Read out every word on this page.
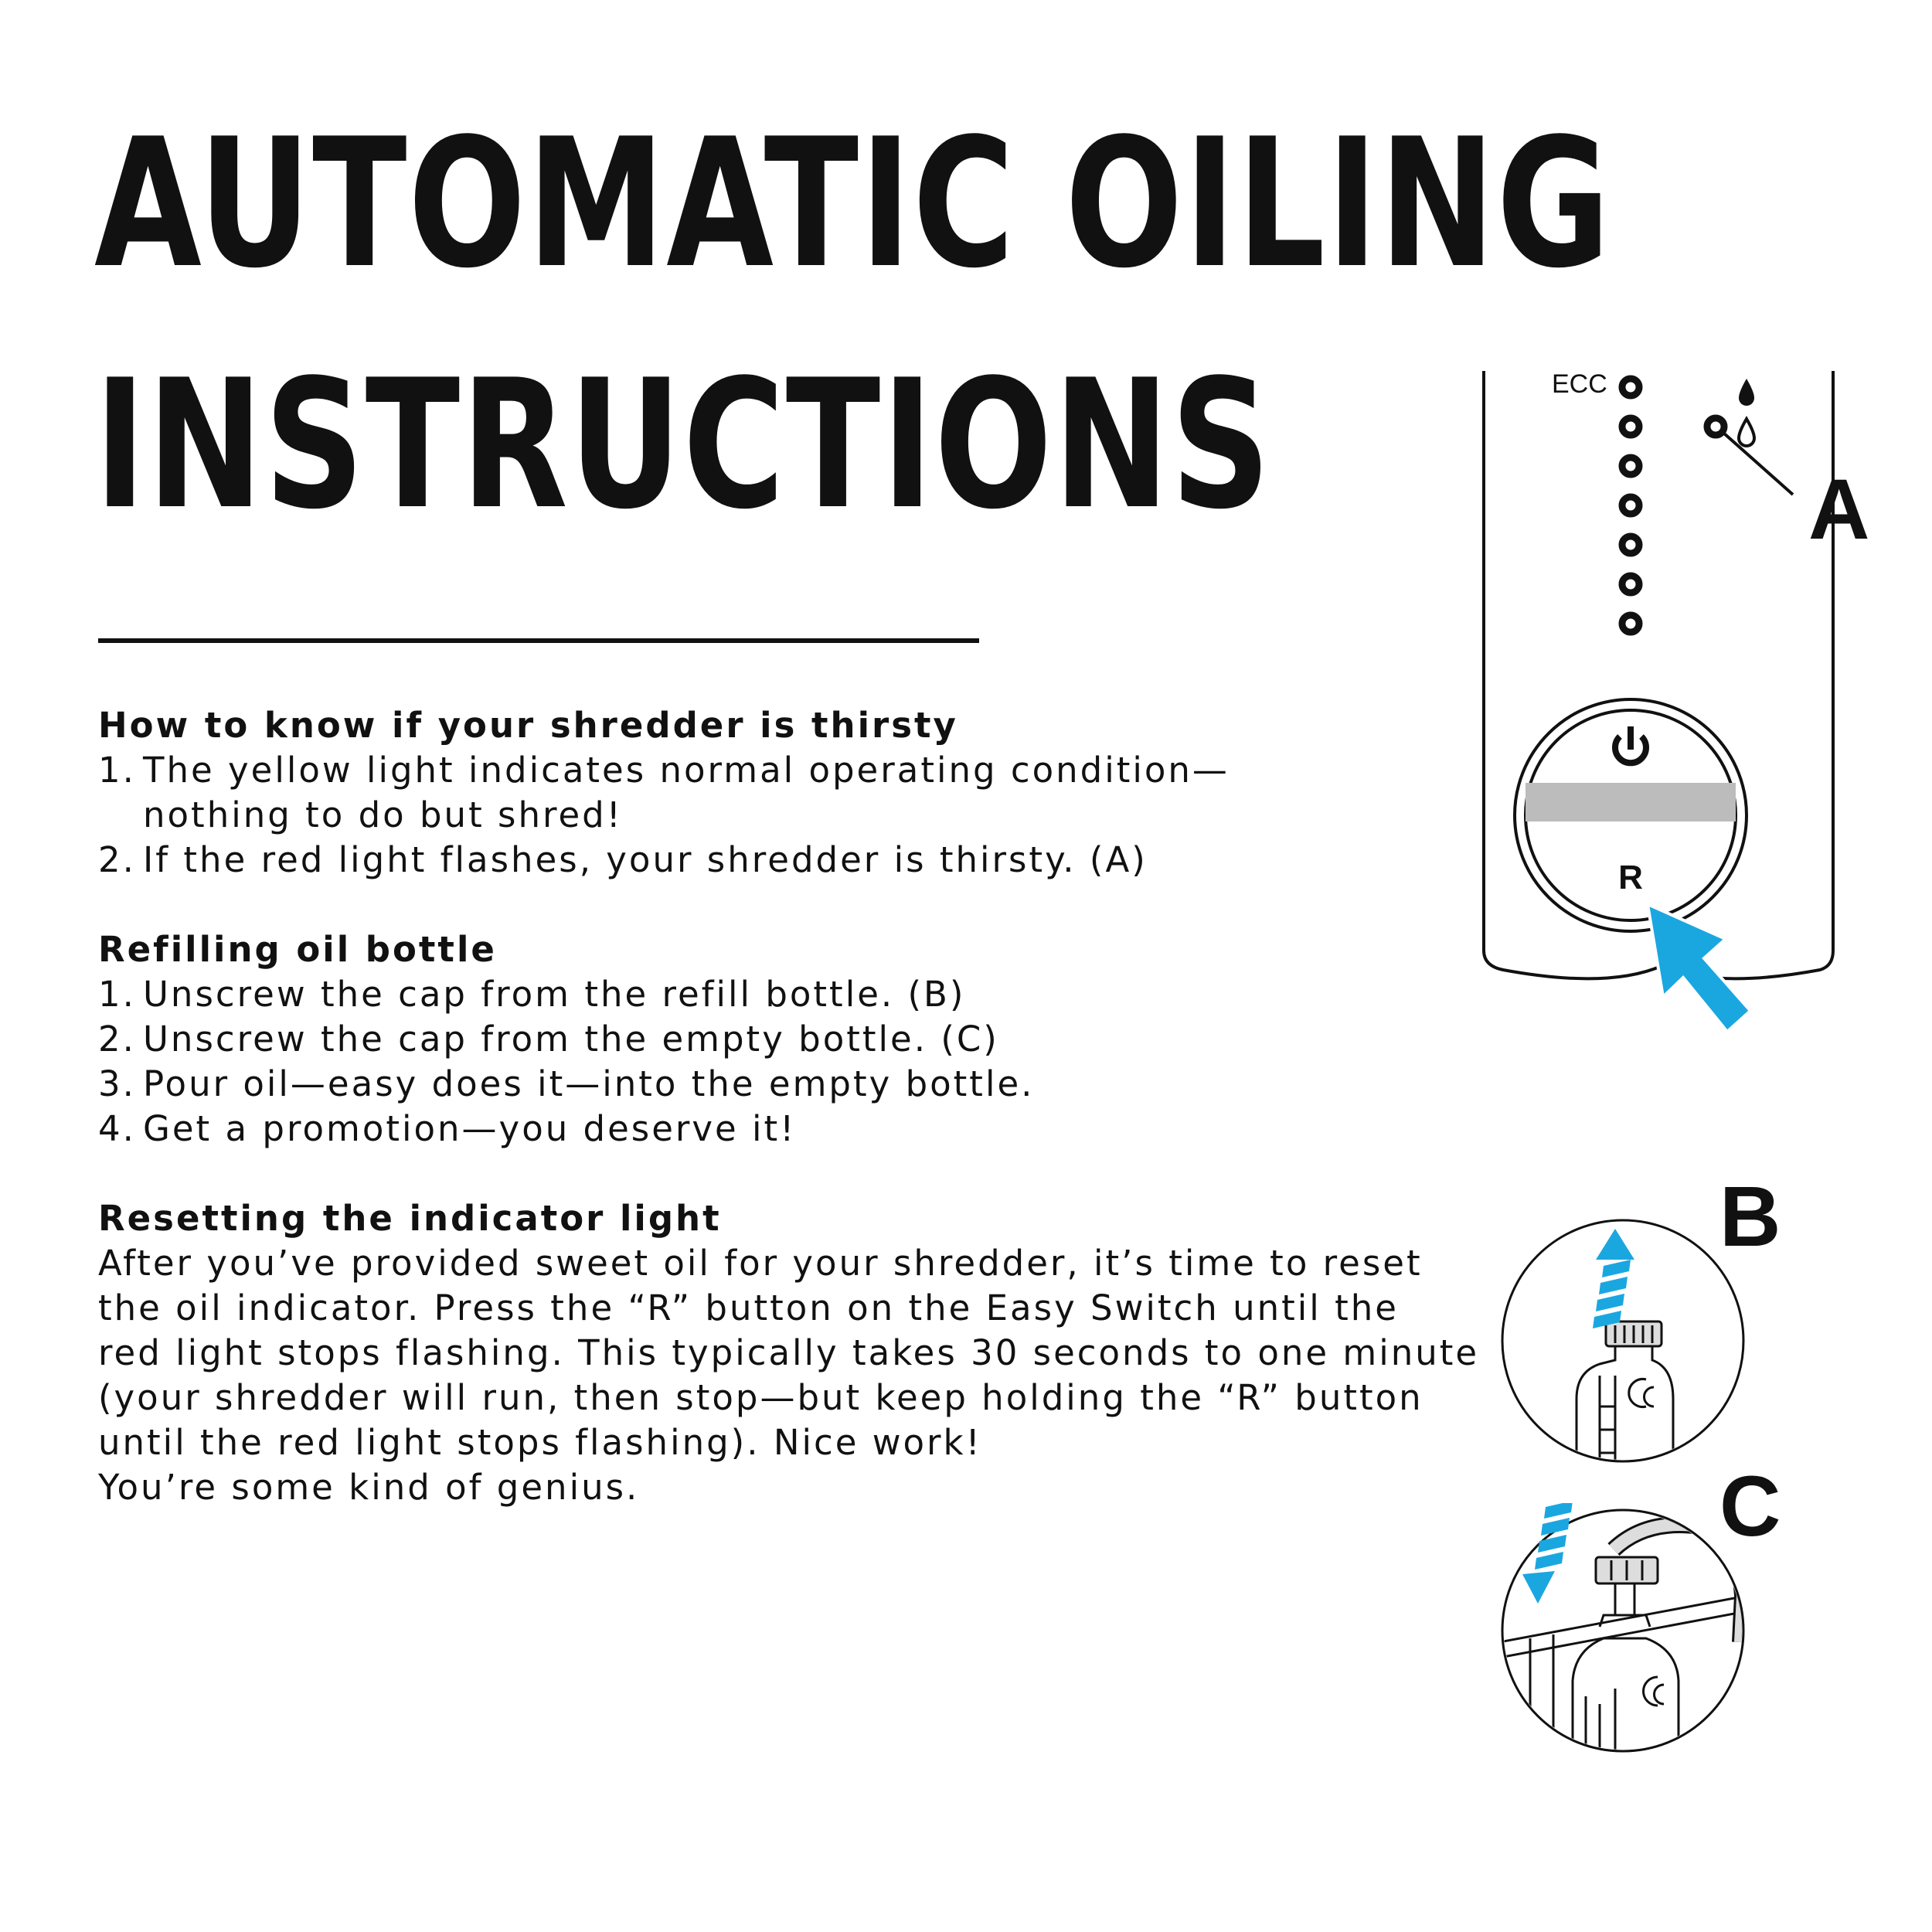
AUTOMATIC OILING
INSTRUCTIONS

How to know if your shredder is thirsty

1. The yellow light indicates normal operating condition—nothing to do but shred!
2. If the red light flashes, your shredder is thirsty. (A)

Refilling oil bottle

1. Unscrew the cap from the refill bottle. (B)
2. Unscrew the cap from the empty bottle. (C)
3. Pour oil—easy does it—into the empty bottle.
4. Get a promotion—you deserve it!

Resetting the indicator light

After you’ve provided sweet oil for your shredder, it’s time to reset
the oil indicator. Press the “R” button on the Easy Switch until the
red light stops flashing. This typically takes 30 seconds to one minute
(your shredder will run, then stop—but keep holding the “R” button
until the red light stops flashing). Nice work!
You’re some kind of genius.

ECC
R
A
B
C
